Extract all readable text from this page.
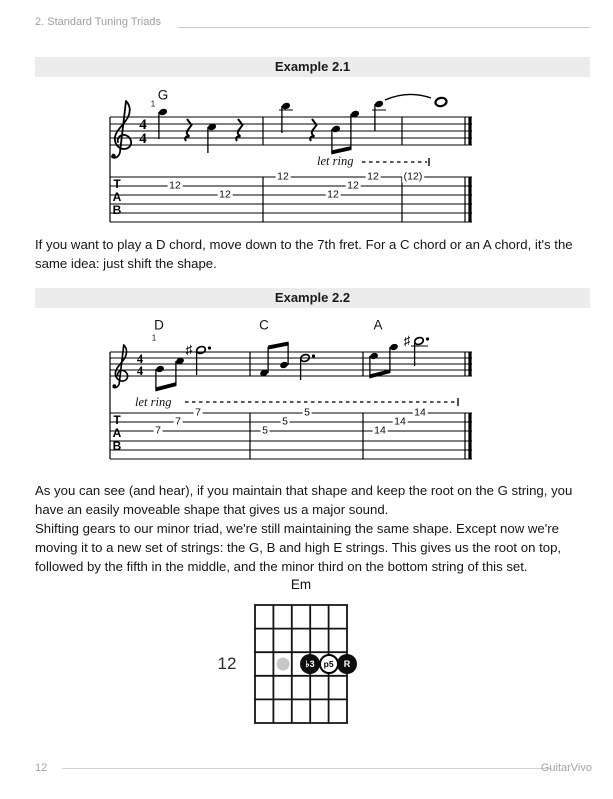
2. Standard Tuning Triads
Example 2.1
Example 2.2
4
4
4
4
♯
♯
G
1
let ring
T
A
B
12
12
12
12
12
12 (12)

If you want to play a D chord, move down to the 7th fret. For a C chord or an A chord, it's the same idea: just shift the shape.

D	C	A
1
let ring
T
A
B
7
7
7
5
5
5
14
14
14

As you can see (and hear), if you maintain that shape and keep the root on the G string, you have an easily moveable shape that gives us a major sound.

Shifting gears to our minor triad, we're still maintaining the same shape. Except now we're moving it to a new set of strings: the G, B and high E strings. This gives us the root on top, followed by the fifth in the middle, and the minor third on the bottom string of this set.

Em
12	♭3	p5	R
12	GuitarVivo
